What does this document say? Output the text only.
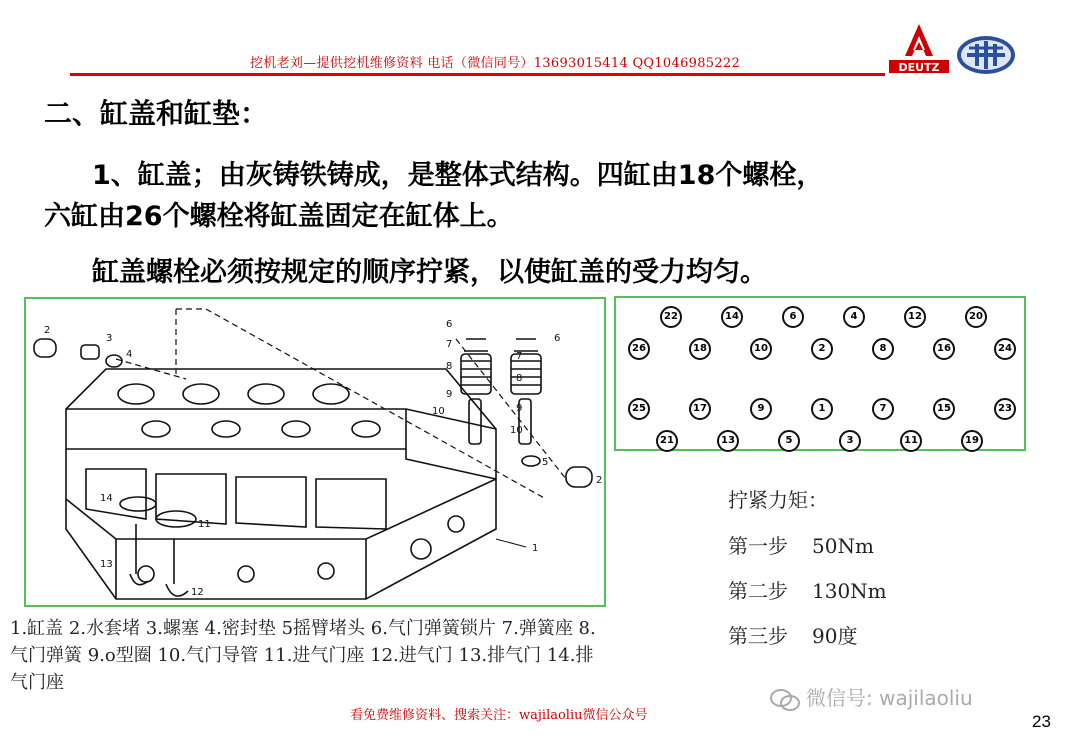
挖机老刘—提供挖机维修资料 电话（微信同号）13693015414 QQ1046985222	DEUTZ
二、缸盖和缸垫：
1、缸盖；由灰铸铁铸成，是整体式结构。四缸由18个螺栓，
六缸由26个螺栓将缸盖固定在缸体上。
缸盖螺栓必须按规定的顺序拧紧，以使缸盖的受力均匀。
2
3
4
6
7
8
9
10
6
7
8
9
10
5
2
14
11
13
12
1
22	14	6	4	12	20
26	18	10	2	8	16	24
25	17	9	1	7	15	23
21	13	5	3	11	19
拧紧力矩：
第一步 50Nm
第二步 130Nm
第三步 90度
1.缸盖 2.水套堵 3.螺塞 4.密封垫 5摇臂堵头 6.气门弹簧锁片 7.弹簧座 8.气门弹簧 9.o型圈 10.气门导管 11.进气门座 12.进气门 13.排气门 14.排气门座
微信号: wajilaoliu
看免费维修资料、搜索关注：wajilaoliu微信公众号	23
